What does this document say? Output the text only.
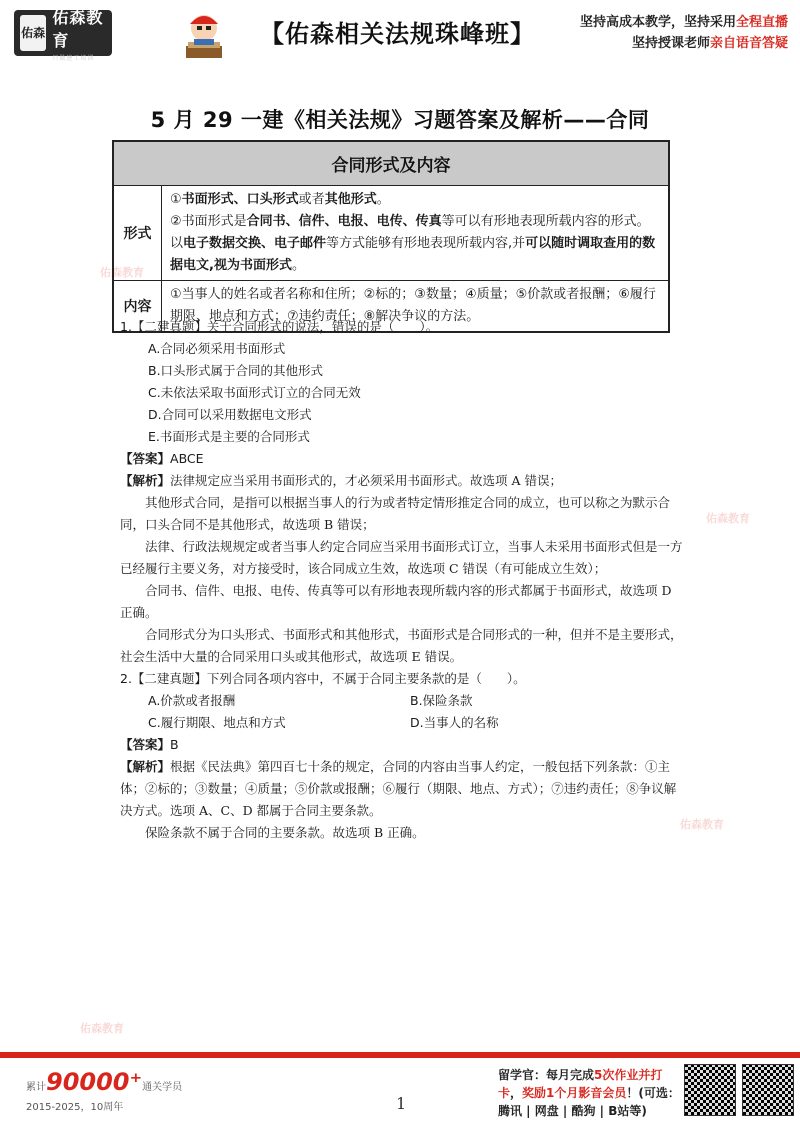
佑森
佑森教育
只做建工培训
【佑森相关法规珠峰班】	坚持高成本教学，坚持采用全程直播
坚持授课老师亲自语音答疑
佑森教育
佑森教育
佑森教育
佑森教育
5 月 29 一建《相关法规》习题答案及解析——合同
合同形式及内容
形式
①书面形式、口头形式或者其他形式。
②书面形式是合同书、信件、电报、电传、传真等可以有形地表现所载内容的形式。以电子数据交换、电子邮件等方式能够有形地表现所载内容,并可以随时调取查用的数据电文,视为书面形式。
内容
①当事人的姓名或者名称和住所；②标的；③数量；④质量；⑤价款或者报酬；⑥履行期限、地点和方式；⑦违约责任；⑧解决争议的方法。

1.【二建真题】关于合同形式的说法，错误的是（　　）。

A.合同必须采用书面形式

B.口头形式属于合同的其他形式

C.未依法采取书面形式订立的合同无效

D.合同可以采用数据电文形式

E.书面形式是主要的合同形式

【答案】ABCE

【解析】法律规定应当采用书面形式的，才必须采用书面形式。故选项 A 错误；

其他形式合同，是指可以根据当事人的行为或者特定情形推定合同的成立，也可以称之为默示合同，口头合同不是其他形式，故选项 B 错误；

法律、行政法规规定或者当事人约定合同应当采用书面形式订立，当事人未采用书面形式但是一方已经履行主要义务，对方接受时，该合同成立生效，故选项 C 错误（有可能成立生效）；

合同书、信件、电报、电传、传真等可以有形地表现所载内容的形式都属于书面形式，故选项 D 正确。

合同形式分为口头形式、书面形式和其他形式，书面形式是合同形式的一种，但并不是主要形式，社会生活中大量的合同采用口头或其他形式，故选项 E 错误。

2.【二建真题】下列合同各项内容中，不属于合同主要条款的是（　　）。

A.价款或者报酬	B.保险条款
C.履行期限、地点和方式	D.当事人的名称

【答案】B

【解析】根据《民法典》第四百七十条的规定，合同的内容由当事人约定，一般包括下列条款：①主体；②标的；③数量；④质量；⑤价款或报酬；⑥履行（期限、地点、方式）；⑦违约责任；⑧争议解决方式。选项 A、C、D 都属于合同主要条款。

保险条款不属于合同的主要条款。故选项 B 正确。

累计90000⁺通关学员
2015-2025，10周年	1
留学官：每月完成5次作业并打卡，奖励1个月影音会员！(可选：腾讯 | 网盘 | 酷狗 | B站等)
